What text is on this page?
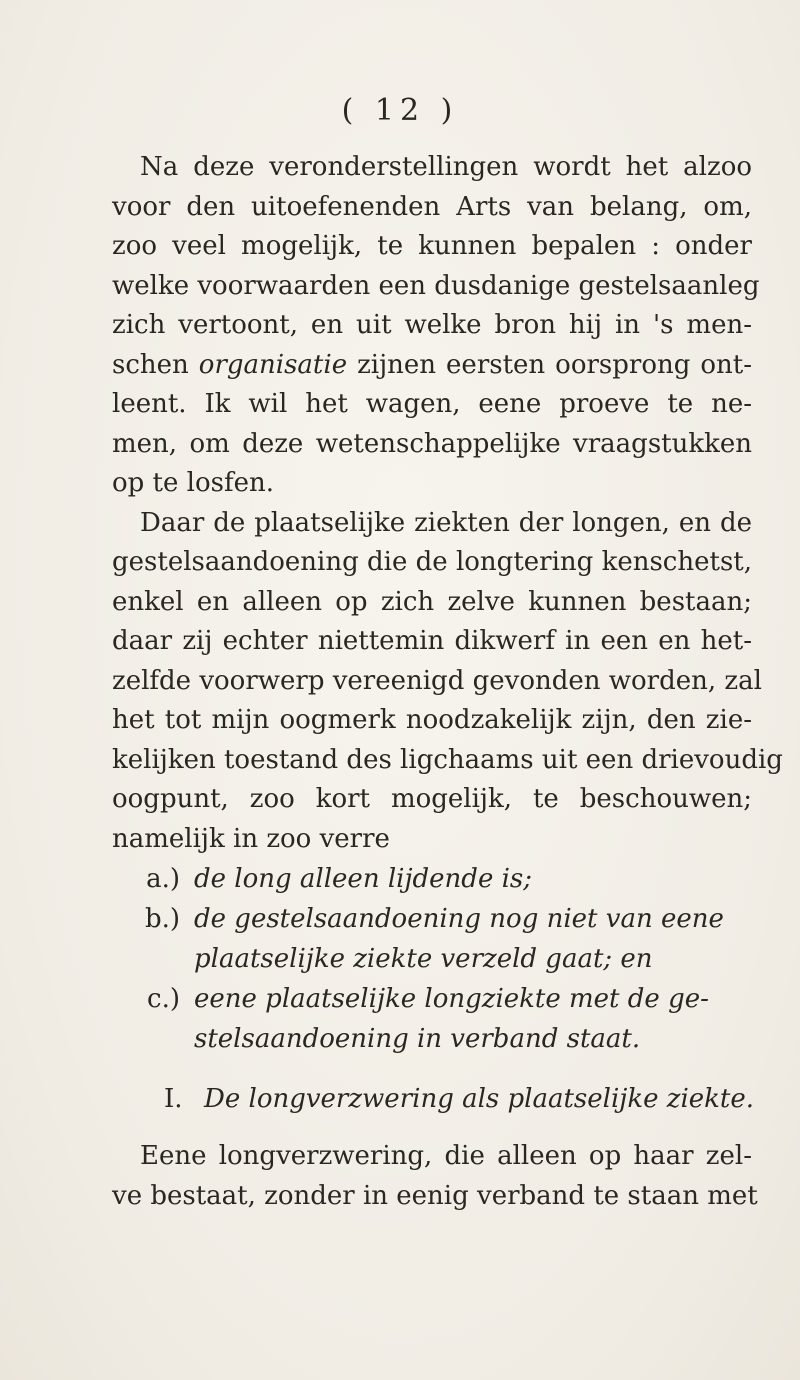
( 12 )
Na deze veronderstellingen wordt het alzoo
voor den uitoefenenden Arts van belang, om,
zoo veel mogelijk, te kunnen bepalen : onder
welke voorwaarden een dusdanige gestelsaanleg
zich vertoont, en uit welke bron hij in 's men-
schen organisatie zijnen eersten oorsprong ont-
leent. Ik wil het wagen, eene proeve te ne-
men, om deze wetenschappelijke vraagstukken
op te losfen.
Daar de plaatselijke ziekten der longen, en de
gestelsaandoening die de longtering kenschetst,
enkel en alleen op zich zelve kunnen bestaan;
daar zij echter niettemin dikwerf in een en het-
zelfde voorwerp vereenigd gevonden worden, zal
het tot mijn oogmerk noodzakelijk zijn, den zie-
kelijken toestand des ligchaams uit een drievoudig
oogpunt, zoo kort mogelijk, te beschouwen;
namelijk in zoo verre
a.) de long alleen lijdende is;
b.) de gestelsaandoening nog niet van eene
plaatselijke ziekte verzeld gaat; en
c.) eene plaatselijke longziekte met de ge-
stelsaandoening in verband staat.
I. De longverzwering als plaatselijke ziekte.
Eene longverzwering, die alleen op haar zel-
ve bestaat, zonder in eenig verband te staan met
